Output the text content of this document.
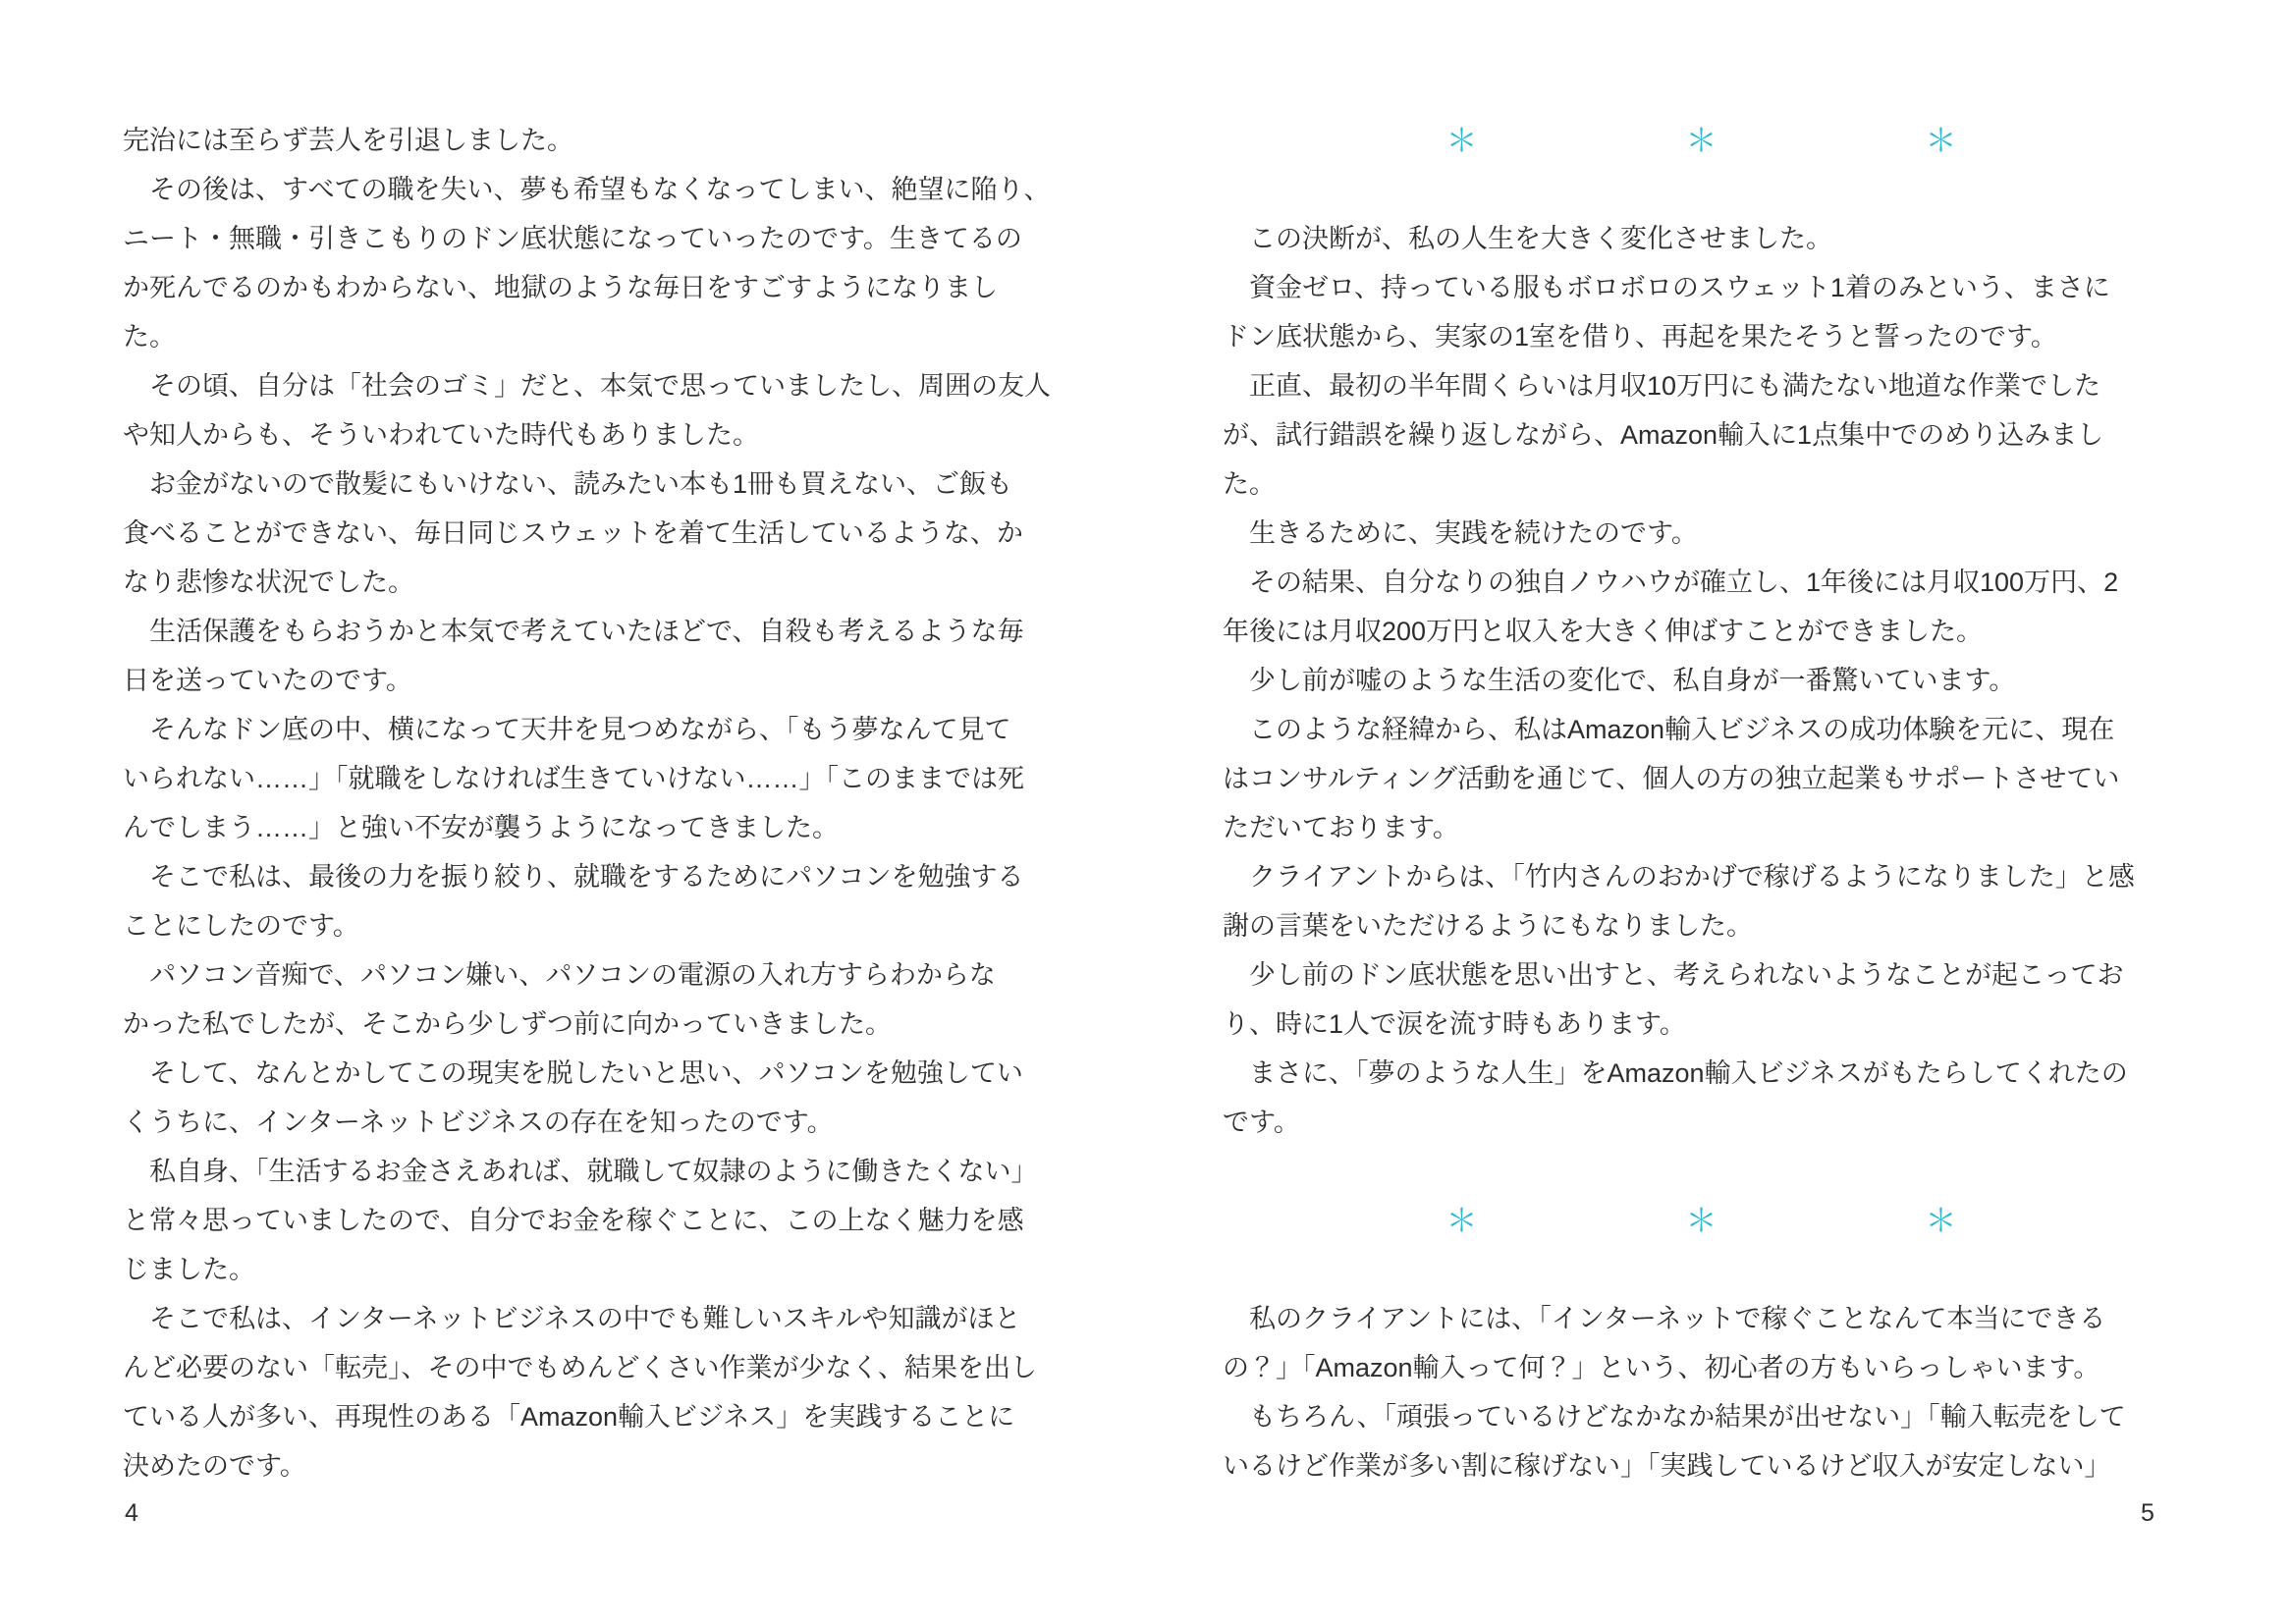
完治には至らず芸人を引退しました。

　その後は、すべての職を失い、夢も希望もなくなってしまい、絶望に陥り、

ニート・無職・引きこもりのドン底状態になっていったのです。生きてるの

か死んでるのかもわからない、地獄のような毎日をすごすようになりまし

た。

　その頃、自分は「社会のゴミ」だと、本気で思っていましたし、周囲の友人

や知人からも、そういわれていた時代もありました。

　お金がないので散髪にもいけない、読みたい本も1冊も買えない、ご飯も

食べることができない、毎日同じスウェットを着て生活しているような、か

なり悲惨な状況でした。

　生活保護をもらおうかと本気で考えていたほどで、自殺も考えるような毎

日を送っていたのです。

　そんなドン底の中、横になって天井を見つめながら、「もう夢なんて見て

いられない……」「就職をしなければ生きていけない……」「このままでは死

んでしまう……」と強い不安が襲うようになってきました。

　そこで私は、最後の力を振り絞り、就職をするためにパソコンを勉強する

ことにしたのです。

　パソコン音痴で、パソコン嫌い、パソコンの電源の入れ方すらわからな

かった私でしたが、そこから少しずつ前に向かっていきました。

　そして、なんとかしてこの現実を脱したいと思い、パソコンを勉強してい

くうちに、インターネットビジネスの存在を知ったのです。

　私自身、「生活するお金さえあれば、就職して奴隷のように働きたくない」

と常々思っていましたので、自分でお金を稼ぐことに、この上なく魅力を感

じました。

　そこで私は、インターネットビジネスの中でも難しいスキルや知識がほと

んど必要のない「転売」、その中でもめんどくさい作業が少なく、結果を出し

ている人が多い、再現性のある「Amazon輸入ビジネス」を実践することに

決めたのです。

＊	＊	＊

　この決断が、私の人生を大きく変化させました。

　資金ゼロ、持っている服もボロボロのスウェット1着のみという、まさに

ドン底状態から、実家の1室を借り、再起を果たそうと誓ったのです。

　正直、最初の半年間くらいは月収10万円にも満たない地道な作業でした

が、試行錯誤を繰り返しながら、Amazon輸入に1点集中でのめり込みまし

た。

　生きるために、実践を続けたのです。

　その結果、自分なりの独自ノウハウが確立し、1年後には月収100万円、2

年後には月収200万円と収入を大きく伸ばすことができました。

　少し前が嘘のような生活の変化で、私自身が一番驚いています。

　このような経緯から、私はAmazon輸入ビジネスの成功体験を元に、現在

はコンサルティング活動を通じて、個人の方の独立起業もサポートさせてい

ただいております。

　クライアントからは、「竹内さんのおかげで稼げるようになりました」と感

謝の言葉をいただけるようにもなりました。

　少し前のドン底状態を思い出すと、考えられないようなことが起こってお

り、時に1人で涙を流す時もあります。

　まさに、「夢のような人生」をAmazon輸入ビジネスがもたらしてくれたの

です。

＊	＊	＊

　私のクライアントには、「インターネットで稼ぐことなんて本当にできる

の？」「Amazon輸入って何？」という、初心者の方もいらっしゃいます。

　もちろん、「頑張っているけどなかなか結果が出せない」「輸入転売をして

いるけど作業が多い割に稼げない」「実践しているけど収入が安定しない」

4	5
